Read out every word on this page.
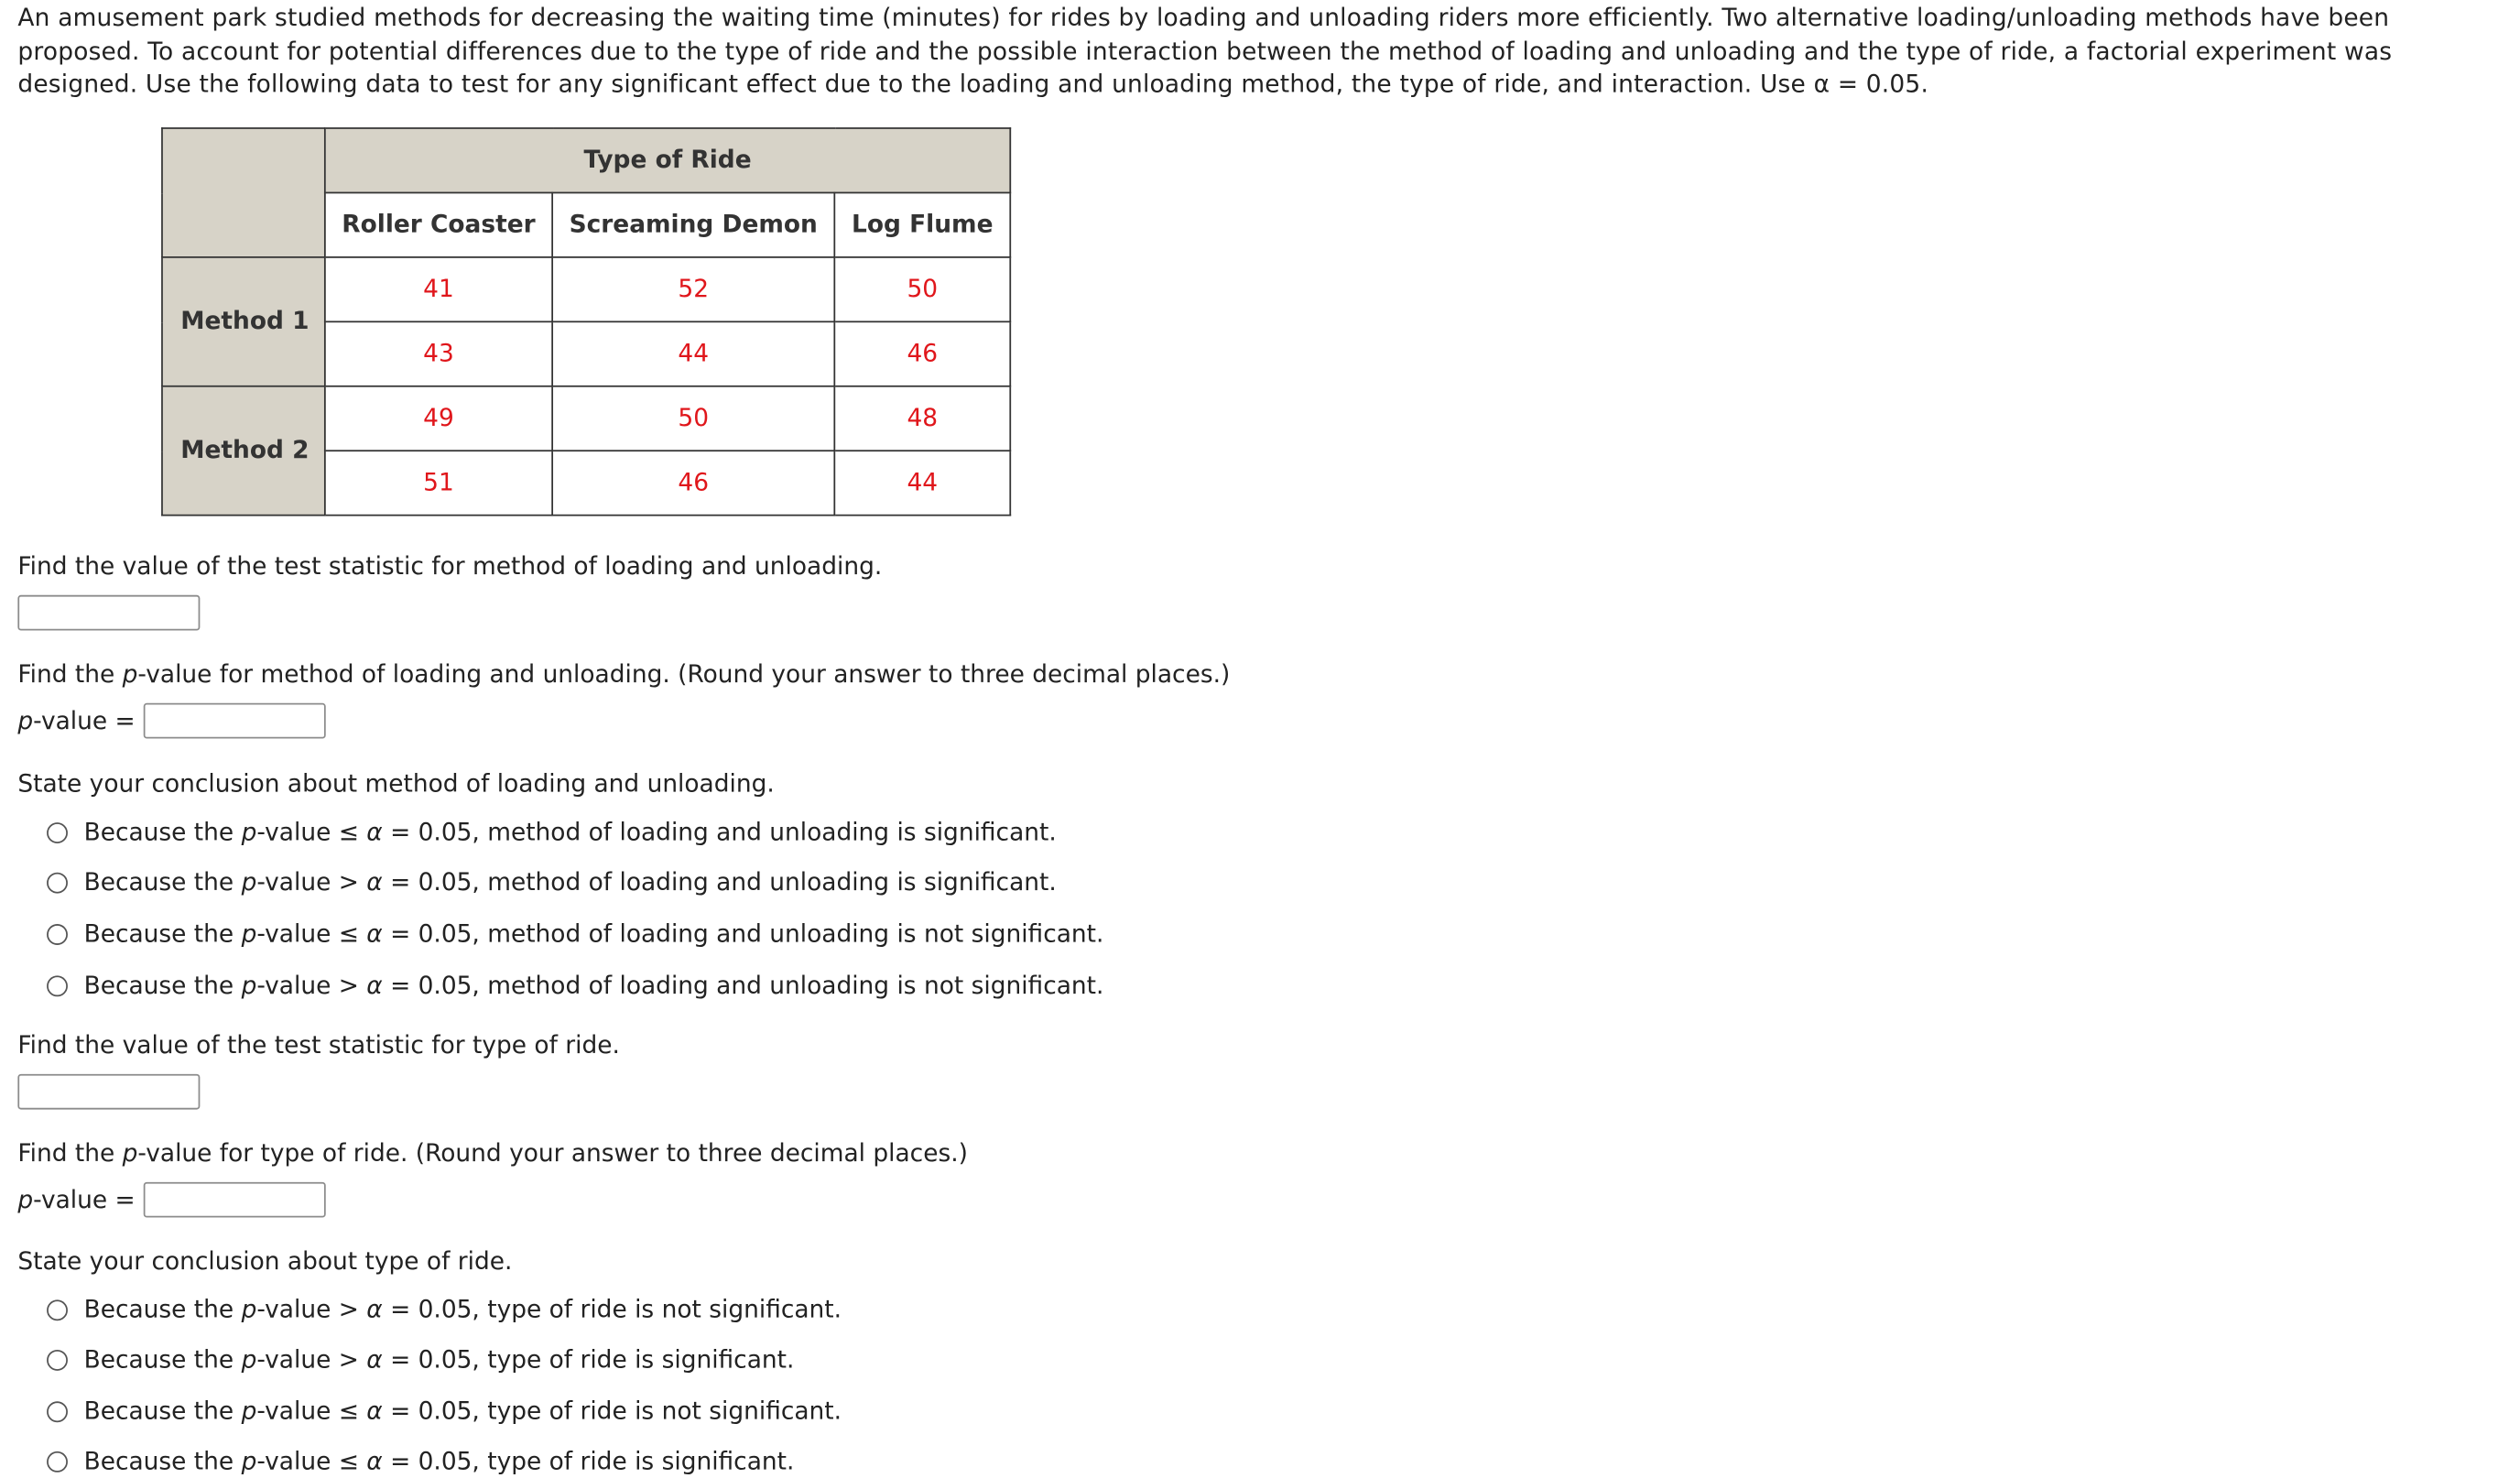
An amusement park studied methods for decreasing the waiting time (minutes) for rides by loading and unloading riders more efficiently. Two alternative loading/unloading methods have been proposed. To account for potential differences due to the type of ride and the possible interaction between the method of loading and unloading and the type of ride, a factorial experiment was designed. Use the following data to test for any significant effect due to the loading and unloading method, the type of ride, and interaction. Use α = 0.05.

	Type of Ride		
	Roller Coaster	Screaming Demon	Log Flume
Method 1	41	52	50
	43	44	46
Method 2	49	50	48
	51	46	44

Find the value of the test statistic for method of loading and unloading.

Find the p-value for method of loading and unloading. (Round your answer to three decimal places.)

p-value =

State your conclusion about method of loading and unloading.

Because the p-value ≤ α = 0.05, method of loading and unloading is significant.
Because the p-value > α = 0.05, method of loading and unloading is significant.
Because the p-value ≤ α = 0.05, method of loading and unloading is not significant.
Because the p-value > α = 0.05, method of loading and unloading is not significant.

Find the value of the test statistic for type of ride.

Find the p-value for type of ride. (Round your answer to three decimal places.)

p-value =

State your conclusion about type of ride.

Because the p-value > α = 0.05, type of ride is not significant.
Because the p-value > α = 0.05, type of ride is significant.
Because the p-value ≤ α = 0.05, type of ride is not significant.
Because the p-value ≤ α = 0.05, type of ride is significant.
